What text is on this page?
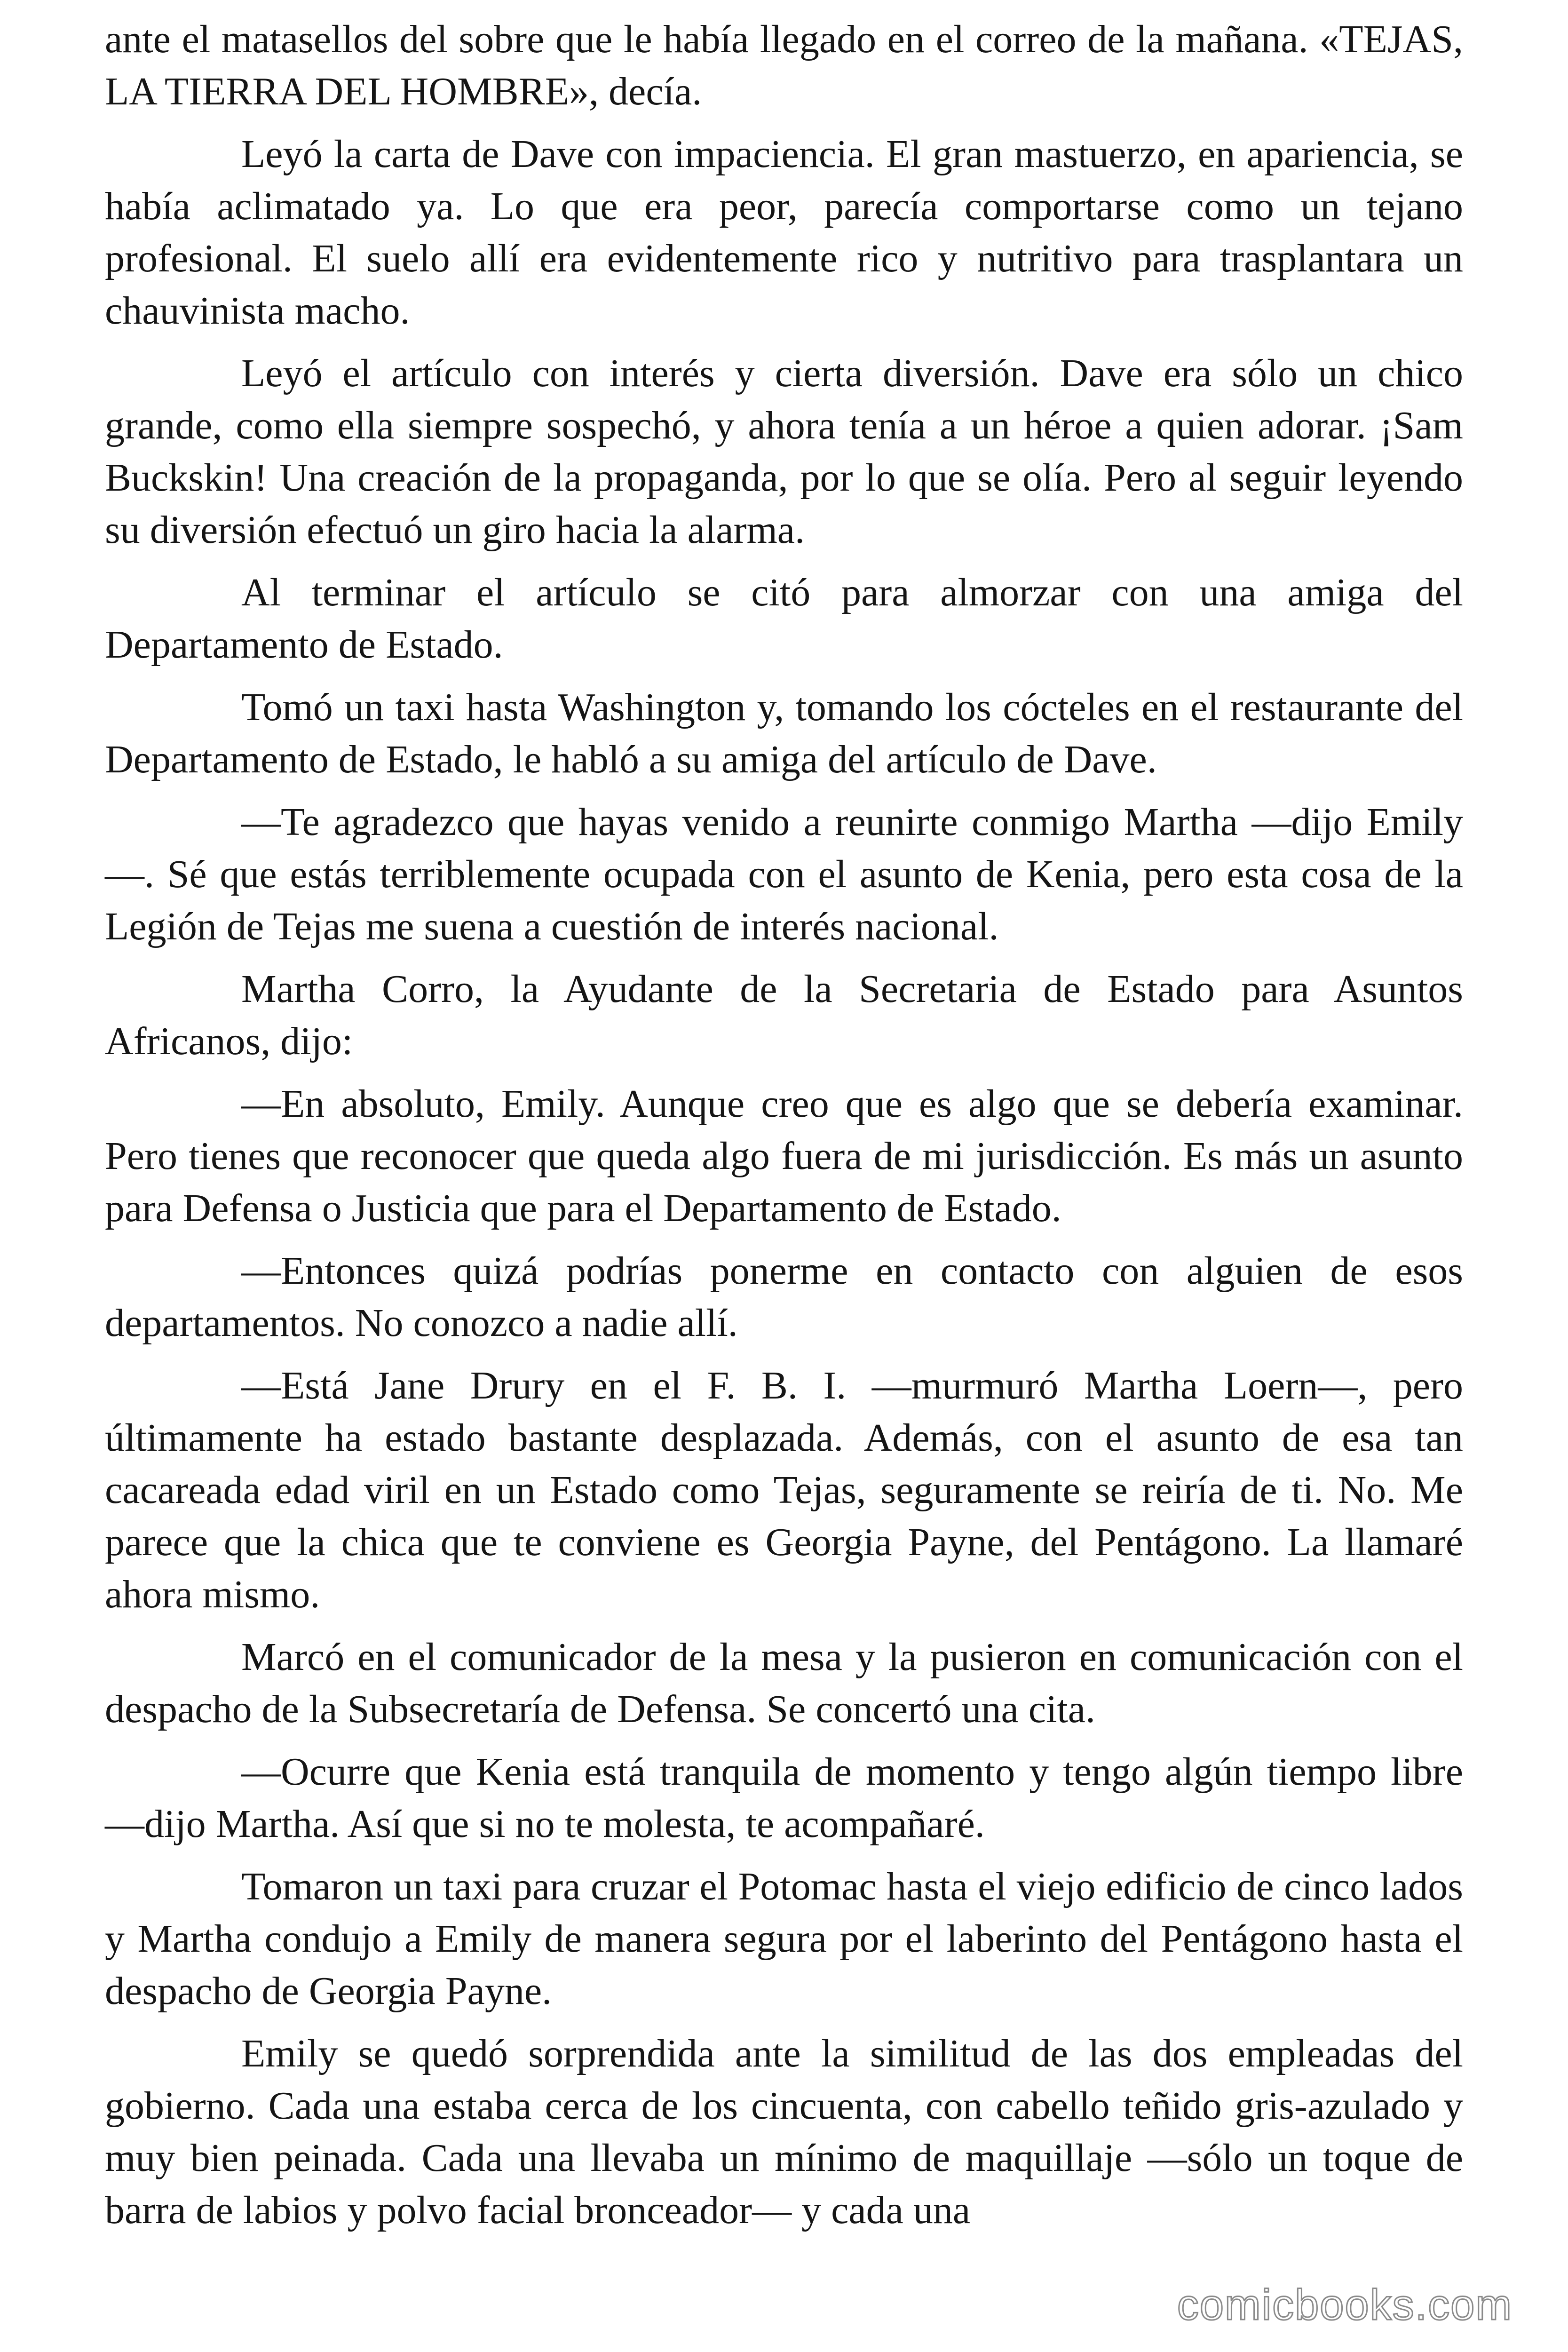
ante el matasellos del sobre que le había llegado en el correo de la mañana. «TEJAS, LA TIERRA DEL HOMBRE», decía.

Leyó la carta de Dave con impaciencia. El gran mastuerzo, en apariencia, se había aclimatado ya. Lo que era peor, parecía comportarse como un tejano profesional. El suelo allí era evidentemente rico y nutritivo para trasplantara un chauvinista macho.

Leyó el artículo con interés y cierta diversión. Dave era sólo un chico grande, como ella siempre sospechó, y ahora tenía a un héroe a quien adorar. ¡Sam Buckskin! Una creación de la propaganda, por lo que se olía. Pero al seguir leyendo su diversión efectuó un giro hacia la alarma.

Al terminar el artículo se citó para almorzar con una amiga del Departamento de Estado.

Tomó un taxi hasta Washington y, tomando los cócteles en el restaurante del Departamento de Estado, le habló a su amiga del artículo de Dave.

—Te agradezco que hayas venido a reunirte conmigo Martha —dijo Emily—. Sé que estás terriblemente ocupada con el asunto de Kenia, pero esta cosa de la Legión de Tejas me suena a cuestión de interés nacional.

Martha Corro, la Ayudante de la Secretaria de Estado para Asuntos Africanos, dijo:

—En absoluto, Emily. Aunque creo que es algo que se debería examinar. Pero tienes que reconocer que queda algo fuera de mi jurisdicción. Es más un asunto para Defensa o Justicia que para el Departamento de Estado.

—Entonces quizá podrías ponerme en contacto con alguien de esos departamentos. No conozco a nadie allí.

—Está Jane Drury en el F. B. I. —murmuró Martha Loern—, pero últimamente ha estado bastante desplazada. Además, con el asunto de esa tan cacareada edad viril en un Estado como Tejas, seguramente se reiría de ti. No. Me parece que la chica que te conviene es Georgia Payne, del Pentágono. La llamaré ahora mismo.

Marcó en el comunicador de la mesa y la pusieron en comunicación con el despacho de la Subsecretaría de Defensa. Se concertó una cita.

—Ocurre que Kenia está tranquila de momento y tengo algún tiempo libre —dijo Martha. Así que si no te molesta, te acompañaré.

Tomaron un taxi para cruzar el Potomac hasta el viejo edificio de cinco lados y Martha condujo a Emily de manera segura por el laberinto del Pentágono hasta el despacho de Georgia Payne.

Emily se quedó sorprendida ante la similitud de las dos empleadas del gobierno. Cada una estaba cerca de los cincuenta, con cabello teñido gris-azulado y muy bien peinada. Cada una llevaba un mínimo de maquillaje —sólo un toque de barra de labios y polvo facial bronceador— y cada una

comicbooks.com
